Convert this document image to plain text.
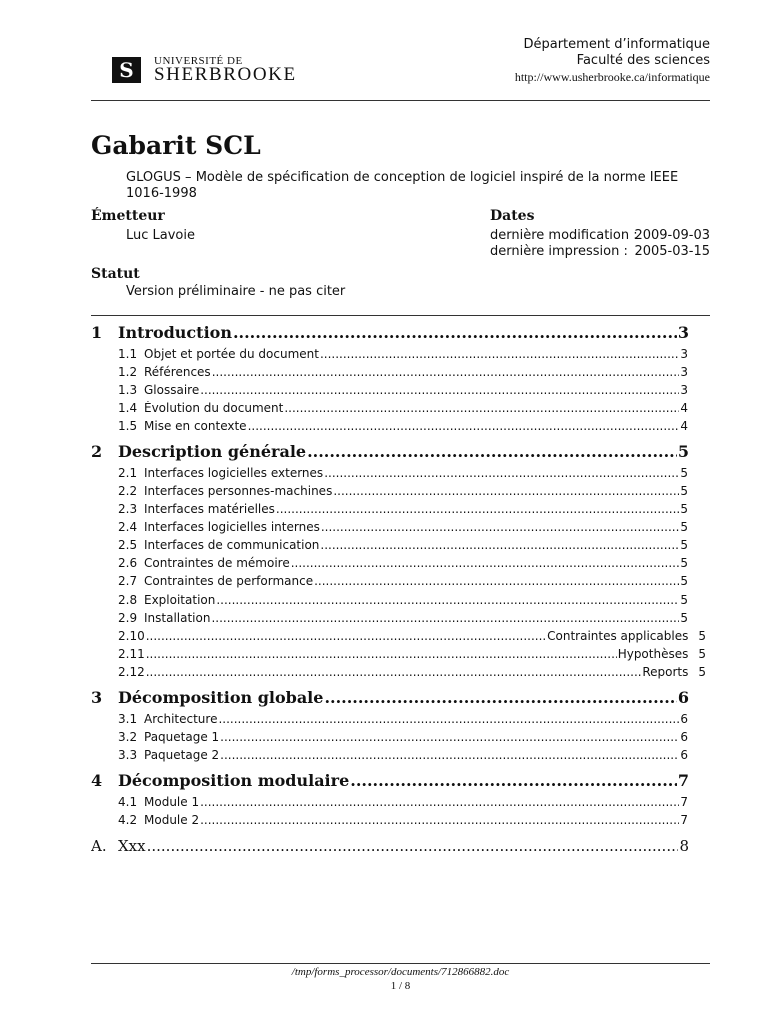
S	UNIVERSITÉ DE
SHERBROOKE
Département d’informatique
Faculté des sciences
http://www.usherbrooke.ca/informatique
Gabarit SCL
GLOGUS – Modèle de spécification de conception de logiciel inspiré de la norme IEEE 1016-1998
Émetteur
Luc Lavoie
Dates
dernière modification :
2009-09-03
dernière impression : 2005-03-15
Statut
Version préliminaire - ne pas citer
1 Introduction .....	3
1.1 Objet et portée du document .....	3
1.2 Références .....	3
1.3 Glossaire .....	3
1.4 Évolution du document .....	4
1.5 Mise en contexte .....	4
2 Description générale .....	5
2.1 Interfaces logicielles externes .....	5
2.2 Interfaces personnes-machines .....	5
2.3 Interfaces matérielles .....	5
2.4 Interfaces logicielles internes .....	5
2.5 Interfaces de communication .....	5
2.6 Contraintes de mémoire .....	5
2.7 Contraintes de performance .....	5
2.8 Exploitation .....	5
2.9 Installation .....	5
2.10 .....	Contraintes applicables 5
2.11 .....	Hypothèses 5
2.12 .....	Reports 5
3 Décomposition globale .....	6
3.1 Architecture .....	6
3.2 Paquetage 1 .....	6
3.3 Paquetage 2 .....	6
4 Décomposition modulaire .....	7
4.1 Module 1 .....	7
4.2 Module 2 .....	7
A. Xxx .....	8
/tmp/forms_processor/documents/712866882.doc
1 / 8
